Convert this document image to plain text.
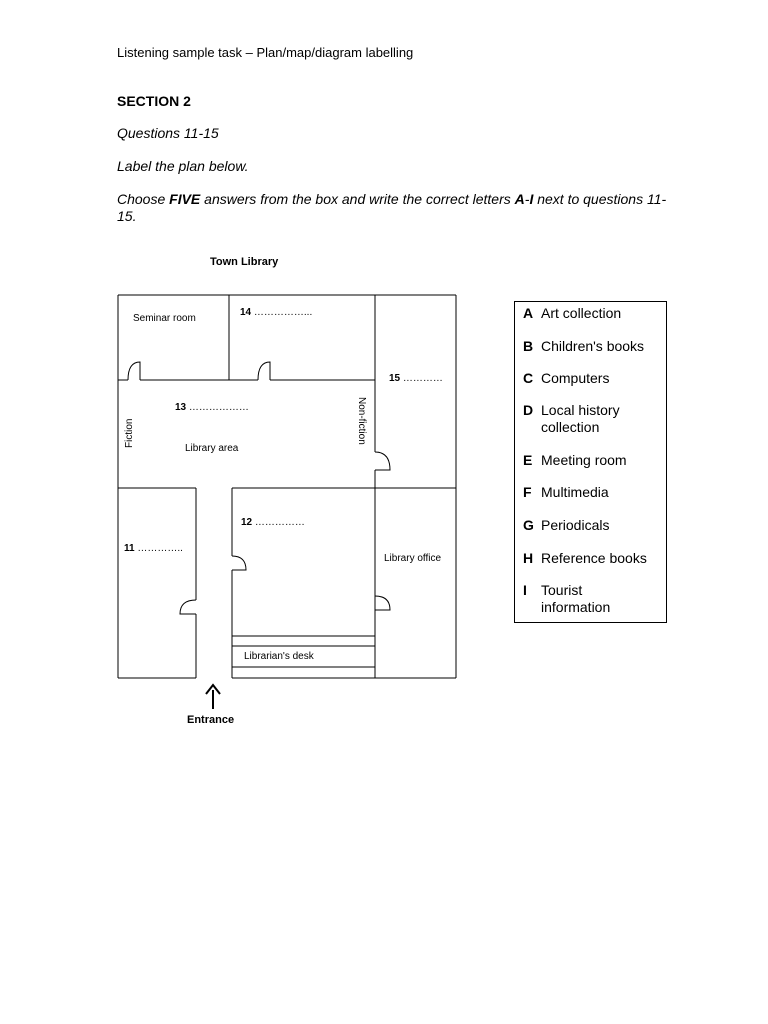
Listening sample task – Plan/map/diagram labelling
SECTION 2
Questions 11-15
Label the plan below.
Choose FIVE answers from the box and write the correct letters A-I next to questions 11-15.
Town Library
Seminar room
14 ……………...
15 …………
13 ………………
Fiction	Non-fiction
Library area
12 ……………
11 …………..
Library office
Librarian's desk
Entrance
A Art collection
B Children's books
C Computers
D Local history
collection
E Meeting room
F Multimedia
G Periodicals
H Reference books
I Tourist
information
